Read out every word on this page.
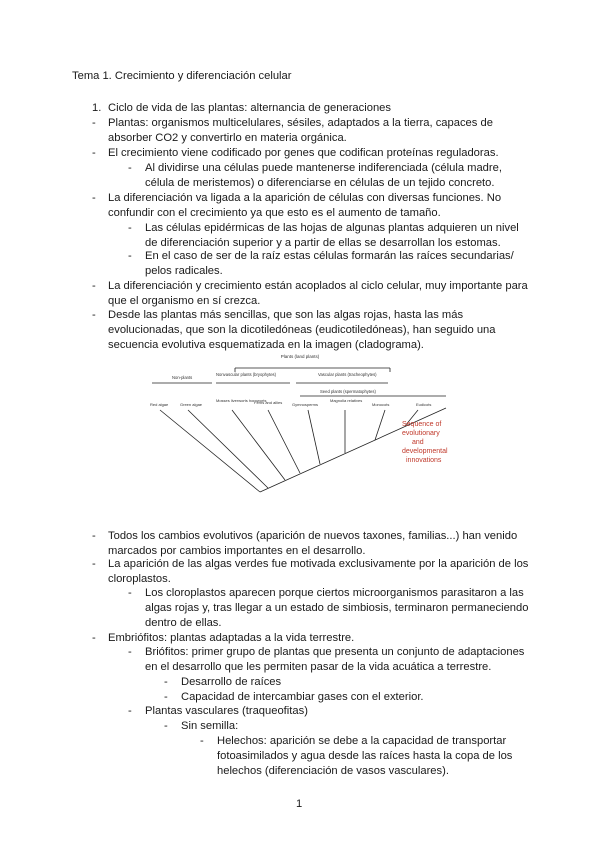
Tema 1. Crecimiento y diferenciación celular
1. Ciclo de vida de las plantas: alternancia de generaciones
- Plantas: organismos multicelulares, sésiles, adaptados a la tierra, capaces de
absorber CO2 y convertirlo en materia orgánica.
- El crecimiento viene codificado por genes que codifican proteínas reguladoras.
- Al dividirse una células puede mantenerse indiferenciada (célula madre,
célula de meristemos) o diferenciarse en células de un tejido concreto.
- La diferenciación va ligada a la aparición de células con diversas funciones. No
confundir con el crecimiento ya que esto es el aumento de tamaño.
- Las células epidérmicas de las hojas de algunas plantas adquieren un nivel
de diferenciación superior y a partir de ellas se desarrollan los estomas.
- En el caso de ser de la raíz estas células formarán las raíces secundarias/
pelos radicales.
- La diferenciación y crecimiento están acoplados al ciclo celular, muy importante para
que el organismo en sí crezca.
- Desde las plantas más sencillas, que son las algas rojas, hasta las más
evolucionadas, que son la dicotiledóneas (eudicotiledóneas), han seguido una
secuencia evolutiva esquematizada en la imagen (cladograma).
Plants (land plants)
Non-plants
Nonvascular plants (bryophytes)	Vascular plants (tracheophytes)
Seed plants (spermatophytes)
Red algae	Green algae
Mosses liverworts hornworts
Ferns and allies Gymnosperms
Magnolia relatives
Monocots	Eudicots
Sequence of
evolutionary
and
developmental
innovations
- Todos los cambios evolutivos (aparición de nuevos taxones, familias...) han venido
marcados por cambios importantes en el desarrollo.
- La aparición de las algas verdes fue motivada exclusivamente por la aparición de los
cloroplastos.
- Los cloroplastos aparecen porque ciertos microorganismos parasitaron a las
algas rojas y, tras llegar a un estado de simbiosis, terminaron permaneciendo
dentro de ellas.
- Embriófitos: plantas adaptadas a la vida terrestre.
- Briófitos: primer grupo de plantas que presenta un conjunto de adaptaciones
en el desarrollo que les permiten pasar de la vida acuática a terrestre.
- Desarrollo de raíces
- Capacidad de intercambiar gases con el exterior.
- Plantas vasculares (traqueofitas)
- Sin semilla:
- Helechos: aparición se debe a la capacidad de transportar
fotoasimilados y agua desde las raíces hasta la copa de los
helechos (diferenciación de vasos vasculares).
1
